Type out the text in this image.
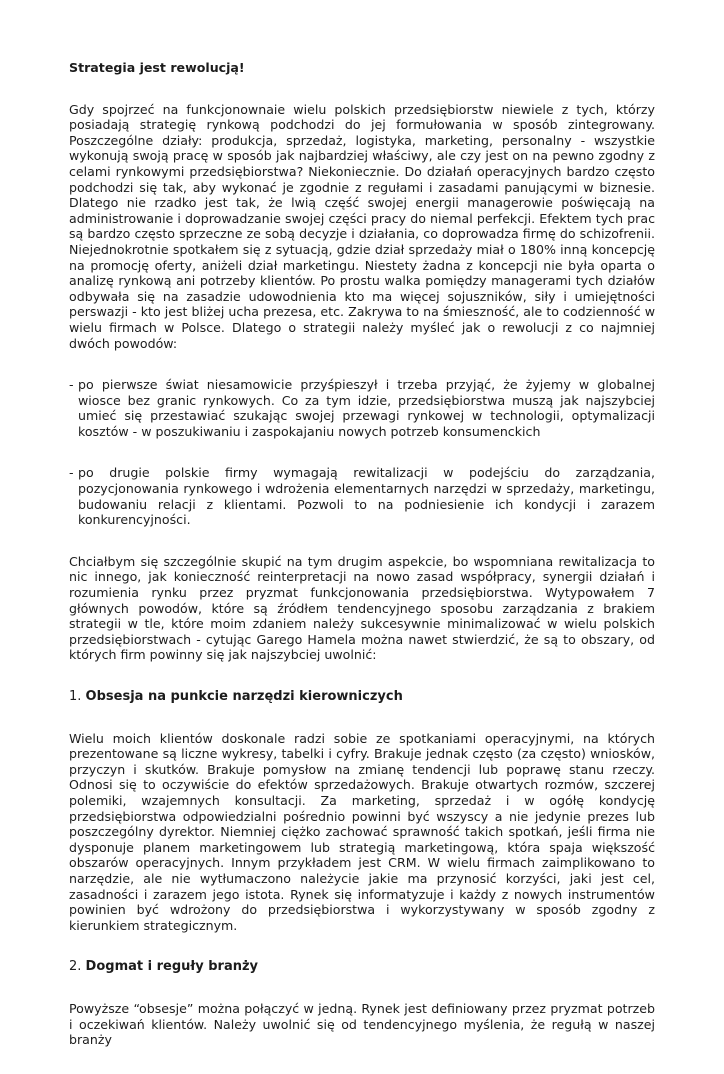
Strategia jest rewolucją!

Gdy spojrzeć na funkcjonownaie wielu polskich przedsiębiorstw niewiele z tych, którzy posiadają strategię rynkową podchodzi do jej formułowania w sposób zintegrowany. Poszczególne działy: produkcja, sprzedaż, logistyka, marketing, personalny - wszystkie wykonują swoją pracę w sposób jak najbardziej właściwy, ale czy jest on na pewno zgodny z celami rynkowymi przedsiębiorstwa? Niekoniecznie. Do działań operacyjnych bardzo często podchodzi się tak, aby wykonać je zgodnie z regułami i zasadami panującymi w biznesie. Dlatego nie rzadko jest tak, że lwią część swojej energii managerowie poświęcają na administrowanie i doprowadzanie swojej części pracy do niemal perfekcji. Efektem tych prac są bardzo często sprzeczne ze sobą decyzje i działania, co doprowadza firmę do schizofrenii. Niejednokrotnie spotkałem się z sytuacją, gdzie dział sprzedaży miał o 180% inną koncepcję na promocję oferty, aniżeli dział marketingu. Niestety żadna z koncepcji nie była oparta o analizę rynkową ani potrzeby klientów. Po prostu walka pomiędzy managerami tych działów odbywała się na zasadzie udowodnienia kto ma więcej sojuszników, siły i umiejętności perswazji - kto jest bliżej ucha prezesa, etc. Zakrywa to na śmieszność, ale to codzienność w wielu firmach w Polsce. Dlatego o strategii należy myśleć jak o rewolucji z co najmniej dwóch powodów:

- po pierwsze świat niesamowicie przyśpieszył i trzeba przyjąć, że żyjemy w globalnej wiosce bez granic rynkowych. Co za tym idzie, przedsiębiorstwa muszą jak najszybciej umieć się przestawiać szukając swojej przewagi rynkowej w technologii, optymalizacji kosztów - w poszukiwaniu i zaspokajaniu nowych potrzeb konsumenckich
- po drugie polskie firmy wymagają rewitalizacji w podejściu do zarządzania, pozycjonowania rynkowego i wdrożenia elementarnych narzędzi w sprzedaży, marketingu, budowaniu relacji z klientami. Pozwoli to na podniesienie ich kondycji i zarazem konkurencyjności.

Chciałbym się szczególnie skupić na tym drugim aspekcie, bo wspomniana rewitalizacja to nic innego, jak konieczność reinterpretacji na nowo zasad współpracy, synergii działań i rozumienia rynku przez pryzmat funkcjonowania przedsiębiorstwa. Wytypowałem 7 głównych powodów, które są źródłem tendencyjnego sposobu zarządzania z brakiem strategii w tle, które moim zdaniem należy sukcesywnie minimalizować w wielu polskich przedsiębiorstwach - cytując Garego Hamela można nawet stwierdzić, że są to obszary, od których firm powinny się jak najszybciej uwolnić:

1. Obsesja na punkcie narzędzi kierowniczych

Wielu moich klientów doskonale radzi sobie ze spotkaniami operacyjnymi, na których prezentowane są liczne wykresy, tabelki i cyfry. Brakuje jednak często (za często) wniosków, przyczyn i skutków. Brakuje pomysłow na zmianę tendencji lub poprawę stanu rzeczy. Odnosi się to oczywiście do efektów sprzedażowych. Brakuje otwartych rozmów, szczerej polemiki, wzajemnych konsultacji. Za marketing, sprzedaż i w ogółę kondycję przedsiębiorstwa odpowiedzialni pośrednio powinni być wszyscy a nie jedynie prezes lub poszczególny dyrektor. Niemniej ciężko zachować sprawność takich spotkań, jeśli firma nie dysponuje planem marketingowem lub strategią marketingową, która spaja większość obszarów operacyjnych. Innym przykładem jest CRM. W wielu firmach zaimplikowano to narzędzie, ale nie wytłumaczono należycie jakie ma przynosić korzyści, jaki jest cel, zasadności i zarazem jego istota. Rynek się informatyzuje i każdy z nowych instrumentów powinien być wdrożony do przedsiębiorstwa i wykorzystywany w sposób zgodny z kierunkiem strategicznym.

2. Dogmat i reguły branży

Powyższe “obsesje” można połączyć w jedną. Rynek jest definiowany przez pryzmat potrzeb i oczekiwań klientów. Należy uwolnić się od tendencyjnego myślenia, że regułą w naszej branży
